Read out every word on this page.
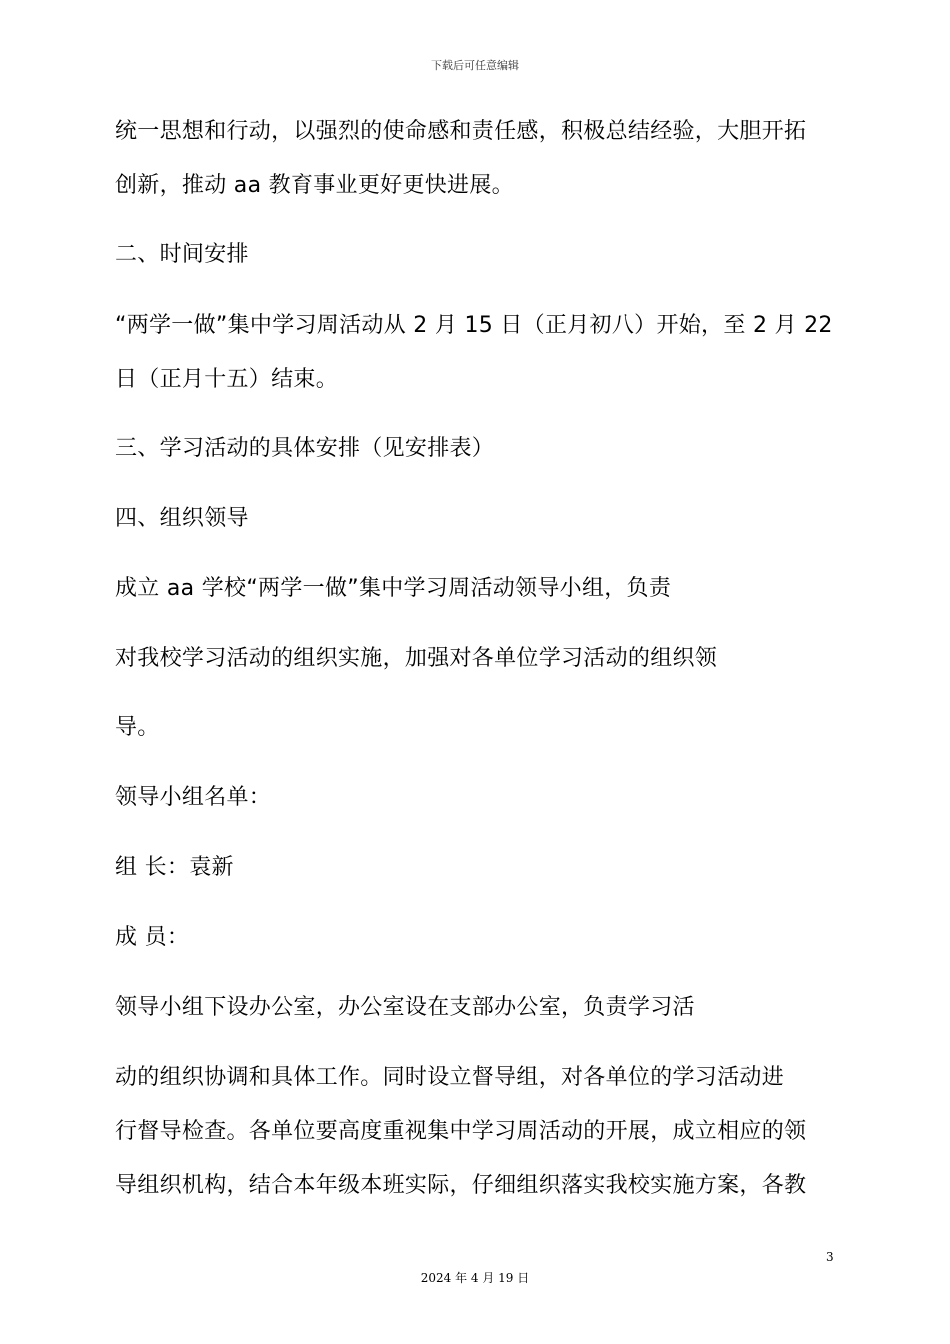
下载后可任意编辑
统一思想和行动，以强烈的使命感和责任感，积极总结经验，大胆开拓
创新，推动 aa 教育事业更好更快进展。
二、时间安排
“两学一做”集中学习周活动从 2 月 15 日（正月初八）开始，至 2 月 22
日（正月十五）结束。
三、学习活动的具体安排（见安排表）
四、组织领导
成立 aa 学校“两学一做”集中学习周活动领导小组，负责
对我校学习活动的组织实施，加强对各单位学习活动的组织领
导。
领导小组名单：
组 长：袁新
成 员：
领导小组下设办公室，办公室设在支部办公室，负责学习活
动的组织协调和具体工作。同时设立督导组，对各单位的学习活动进
行督导检查。各单位要高度重视集中学习周活动的开展，成立相应的领
导组织机构，结合本年级本班实际，仔细组织落实我校实施方案，各教
3
2024 年 4 月 19 日
